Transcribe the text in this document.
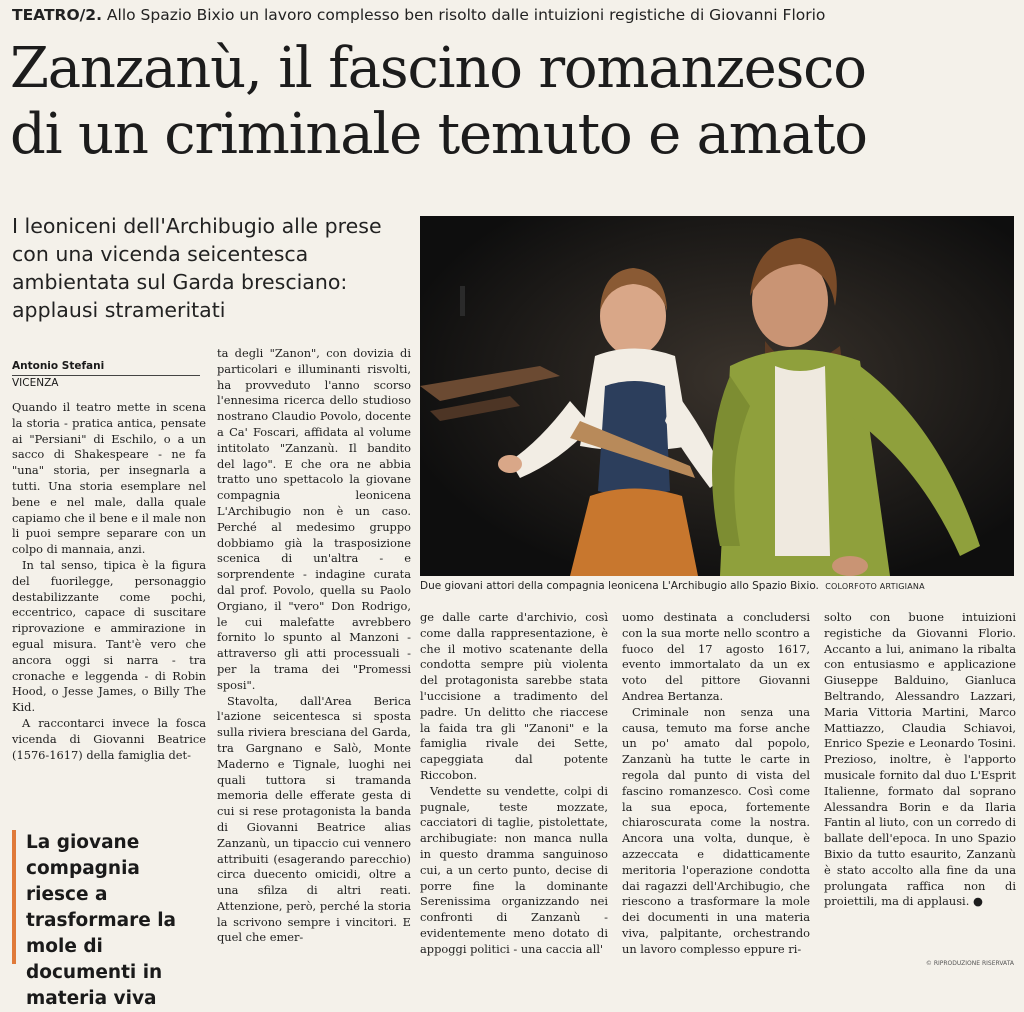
TEATRO/2. Allo Spazio Bixio un lavoro complesso ben risolto dalle intuizioni registiche di Giovanni Florio
Zanzanù, il fascino romanzesco
di un criminale temuto e amato
I leoniceni dell'Archibugio alle prese con una vicenda seicentesca ambientata sul Garda bresciano: applausi strameritati
Due giovani attori della compagnia leonicena L'Archibugio allo Spazio Bixio. COLORFOTO ARTIGIANA
Antonio Stefani
VICENZA

Quando il teatro mette in scena la storia - pratica antica, pensate ai "Persiani" di Eschilo, o a un sacco di Shakespeare - ne fa "una" storia, per insegnarla a tutti. Una storia esemplare nel bene e nel male, dalla quale capiamo che il bene e il male non li puoi sempre separare con un colpo di mannaia, anzi.

In tal senso, tipica è la figura del fuorilegge, personaggio destabilizzante come pochi, eccentrico, capace di suscitare riprovazione e ammirazione in egual misura. Tant'è vero che ancora oggi si narra - tra cronache e leggenda - di Robin Hood, o Jesse James, o Billy The Kid.

A raccontarci invece la fosca vicenda di Giovanni Beatrice (1576-1617) della famiglia det-

La giovane compagnia riesce a trasformare la mole di documenti in materia viva

ta degli "Zanon", con dovizia di particolari e illuminanti risvolti, ha provveduto l'anno scorso l'ennesima ricerca dello studioso nostrano Claudio Povolo, docente a Ca' Foscari, affidata al volume intitolato "Zanzanù. Il bandito del lago". E che ora ne abbia tratto uno spettacolo la giovane compagnia leonicena L'Archibugio non è un caso. Perché al medesimo gruppo dobbiamo già la trasposizione scenica di un'altra - e sorprendente - indagine curata dal prof. Povolo, quella su Paolo Orgiano, il "vero" Don Rodrigo, le cui malefatte avrebbero fornito lo spunto al Manzoni - attraverso gli atti processuali - per la trama dei "Promessi sposi".

Stavolta, dall'Area Berica l'azione seicentesca si sposta sulla riviera bresciana del Garda, tra Gargnano e Salò, Monte Maderno e Tignale, luoghi nei quali tuttora si tramanda memoria delle efferate gesta di cui si rese protagonista la banda di Giovanni Beatrice alias Zanzanù, un tipaccio cui vennero attribuiti (esagerando parecchio) circa duecento omicidi, oltre a una sfilza di altri reati. Attenzione, però, perché la storia la scrivono sempre i vincitori. E quel che emer-

ge dalle carte d'archivio, così come dalla rappresentazione, è che il motivo scatenante della condotta sempre più violenta del protagonista sarebbe stata l'uccisione a tradimento del padre. Un delitto che riaccese la faida tra gli "Zanoni" e la famiglia rivale dei Sette, capeggiata dal potente Riccobon.

Vendette su vendette, colpi di pugnale, teste mozzate, cacciatori di taglie, pistolettate, archibugiate: non manca nulla in questo dramma sanguinoso cui, a un certo punto, decise di porre fine la dominante Serenissima organizzando nei confronti di Zanzanù - evidentemente meno dotato di appoggi politici - una caccia all'

uomo destinata a concludersi con la sua morte nello scontro a fuoco del 17 agosto 1617, evento immortalato da un ex voto del pittore Giovanni Andrea Bertanza.

Criminale non senza una causa, temuto ma forse anche un po' amato dal popolo, Zanzanù ha tutte le carte in regola dal punto di vista del fascino romanzesco. Così come la sua epoca, fortemente chiaroscurata come la nostra. Ancora una volta, dunque, è azzeccata e didatticamente meritoria l'operazione condotta dai ragazzi dell'Archibugio, che riescono a trasformare la mole dei documenti in una materia viva, palpitante, orchestrando un lavoro complesso eppure ri-

solto con buone intuizioni registiche da Giovanni Florio. Accanto a lui, animano la ribalta con entusiasmo e applicazione Giuseppe Balduino, Gianluca Beltrando, Alessandro Lazzari, Maria Vittoria Martini, Marco Mattiazzo, Claudia Schiavoi, Enrico Spezie e Leonardo Tosini. Prezioso, inoltre, è l'apporto musicale fornito dal duo L'Esprit Italienne, formato dal soprano Alessandra Borin e da Ilaria Fantin al liuto, con un corredo di ballate dell'epoca. In uno Spazio Bixio da tutto esaurito, Zanzanù è stato accolto alla fine da una prolungata raffica non di proiettili, ma di applausi. ●

© RIPRODUZIONE RISERVATA
